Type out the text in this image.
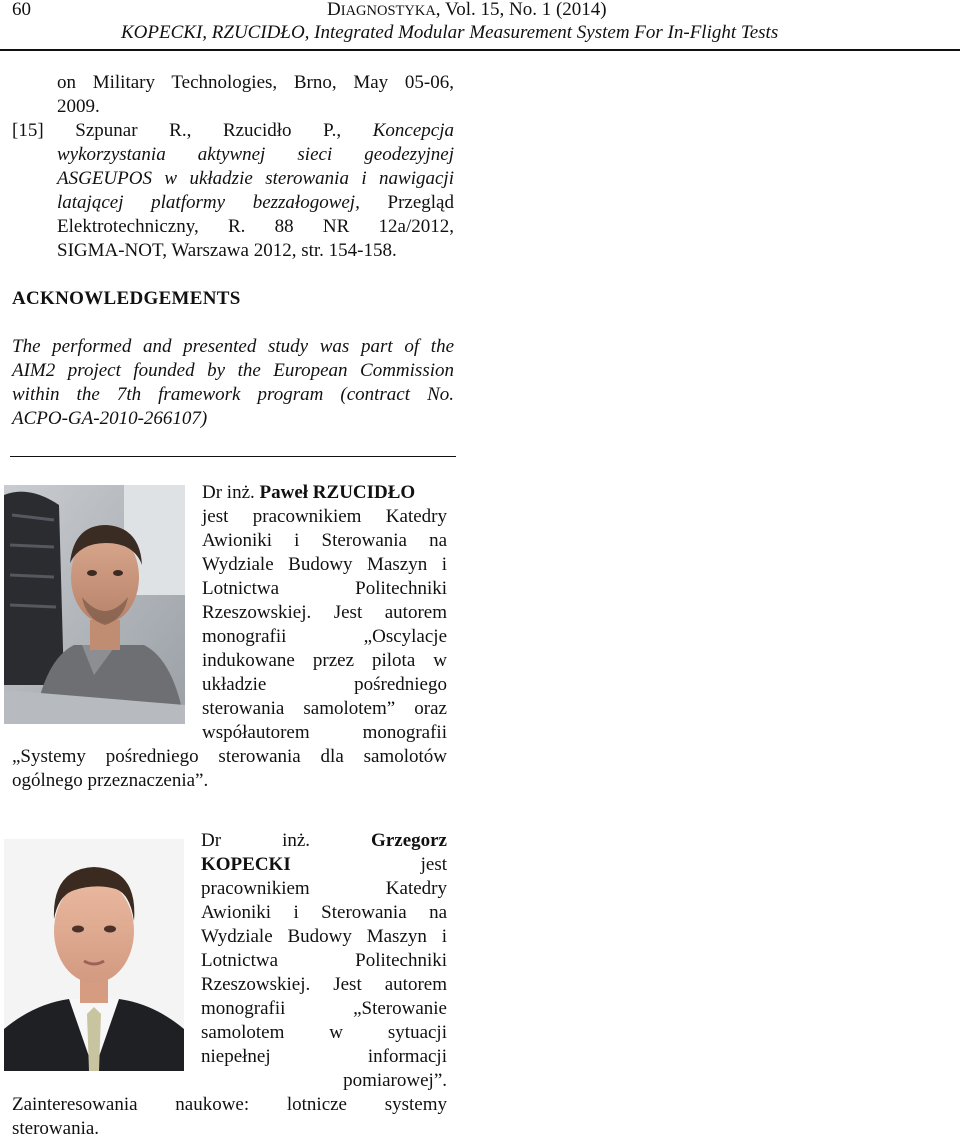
60	DIAGNOSTYKA, Vol. 15, No. 1 (2014)
KOPECKI, RZUCIDŁO, Integrated Modular Measurement System For In-Flight Tests
on Military Technologies, Brno, May 05-06,
2009.
[15] Szpunar R., Rzucidło P., Koncepcja
wykorzystania aktywnej sieci geodezyjnej
ASGEUPOS w układzie sterowania i nawigacji
latającej platformy bezzałogowej, Przegląd
Elektrotechniczny, R. 88 NR 12a/2012,
SIGMA-NOT, Warszawa 2012, str. 154-158.
ACKNOWLEDGEMENTS
The performed and presented study was part of the
AIM2 project founded by the European Commission
within the 7th framework program (contract No.
ACPO-GA-2010-266107)
Dr inż. Paweł RZUCIDŁO
jest pracownikiem Katedry
Awioniki i Sterowania na
Wydziale Budowy Maszyn i
Lotnictwa Politechniki
Rzeszowskiej. Jest autorem
monografii „Oscylacje
indukowane przez pilota w
układzie pośredniego
sterowania samolotem” oraz
współautorem monografii
„Systemy pośredniego sterowania dla samolotów
ogólnego przeznaczenia”.
Dr inż.	Grzegorz
KOPECKI	jest
pracownikiem Katedry
Awioniki i Sterowania na
Wydziale Budowy Maszyn i
Lotnictwa Politechniki
Rzeszowskiej. Jest autorem
monografii „Sterowanie
samolotem w sytuacji
niepełnej informacji
pomiarowej”.
Zainteresowania naukowe: lotnicze systemy
sterowania.
